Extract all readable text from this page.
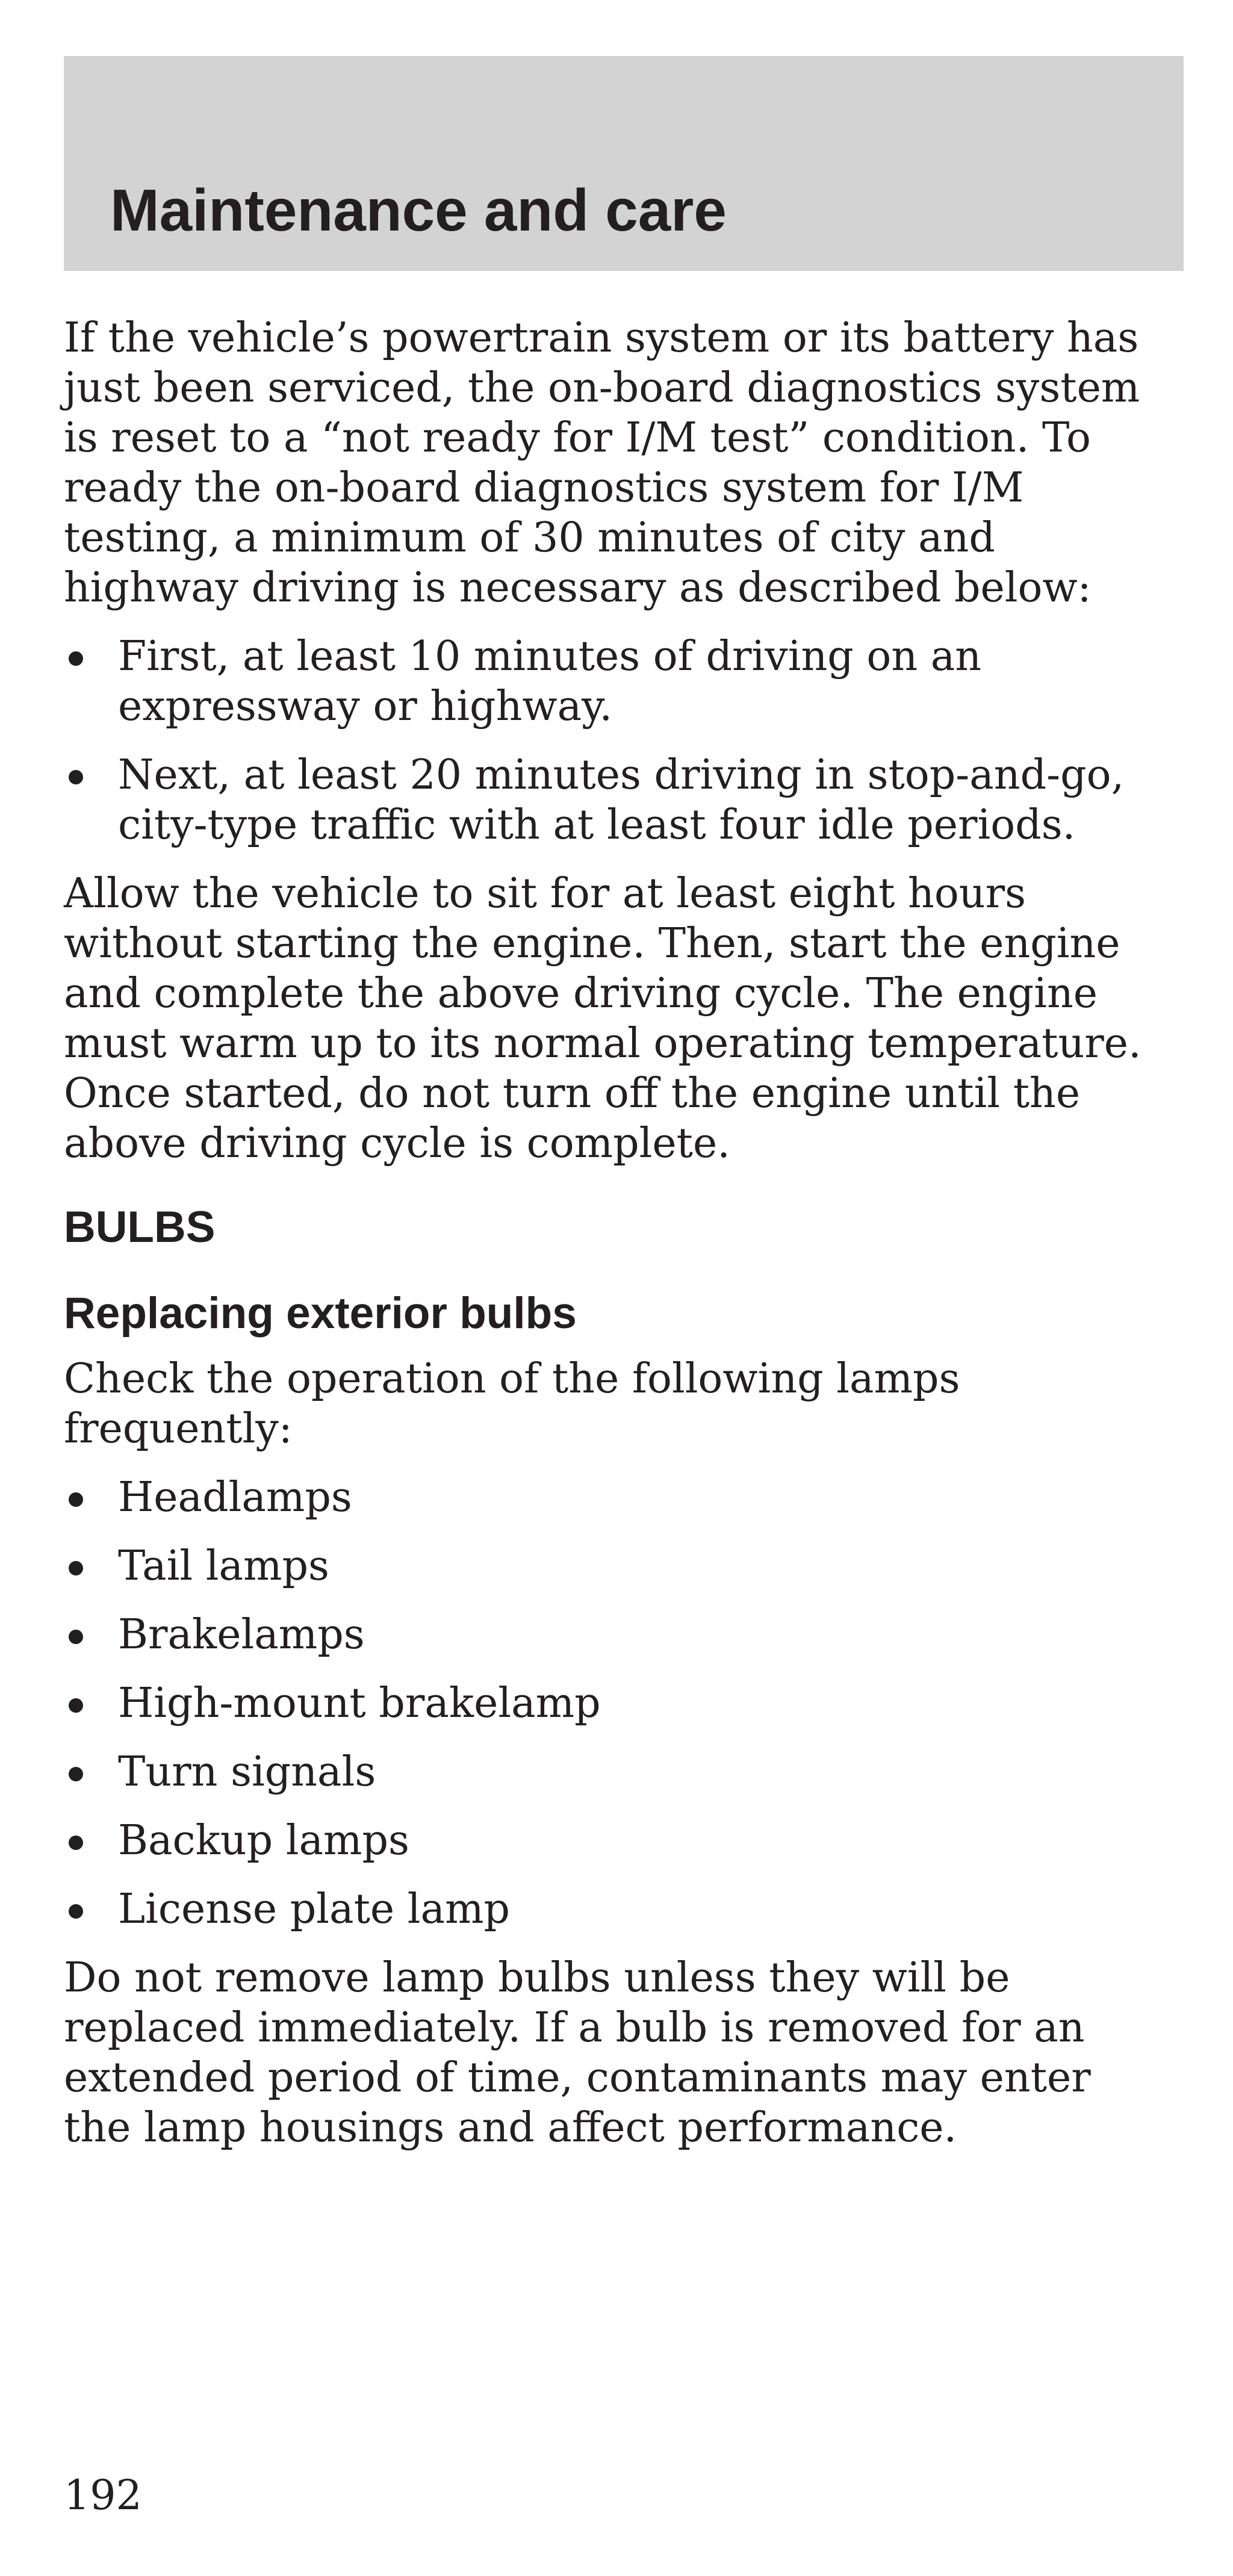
Maintenance and care

If the vehicle’s powertrain system or its battery has
just been serviced, the on-board diagnostics system
is reset to a “not ready for I/M test” condition. To
ready the on-board diagnostics system for I/M
testing, a minimum of 30 minutes of city and
highway driving is necessary as described below:

First, at least 10 minutes of driving on an
expressway or highway.
Next, at least 20 minutes driving in stop-and-go,
city-type traffic with at least four idle periods.

Allow the vehicle to sit for at least eight hours
without starting the engine. Then, start the engine
and complete the above driving cycle. The engine
must warm up to its normal operating temperature.
Once started, do not turn off the engine until the
above driving cycle is complete.

BULBS
Replacing exterior bulbs

Check the operation of the following lamps
frequently:

Headlamps
Tail lamps
Brakelamps
High-mount brakelamp
Turn signals
Backup lamps
License plate lamp

Do not remove lamp bulbs unless they will be
replaced immediately. If a bulb is removed for an
extended period of time, contaminants may enter
the lamp housings and affect performance.

192
